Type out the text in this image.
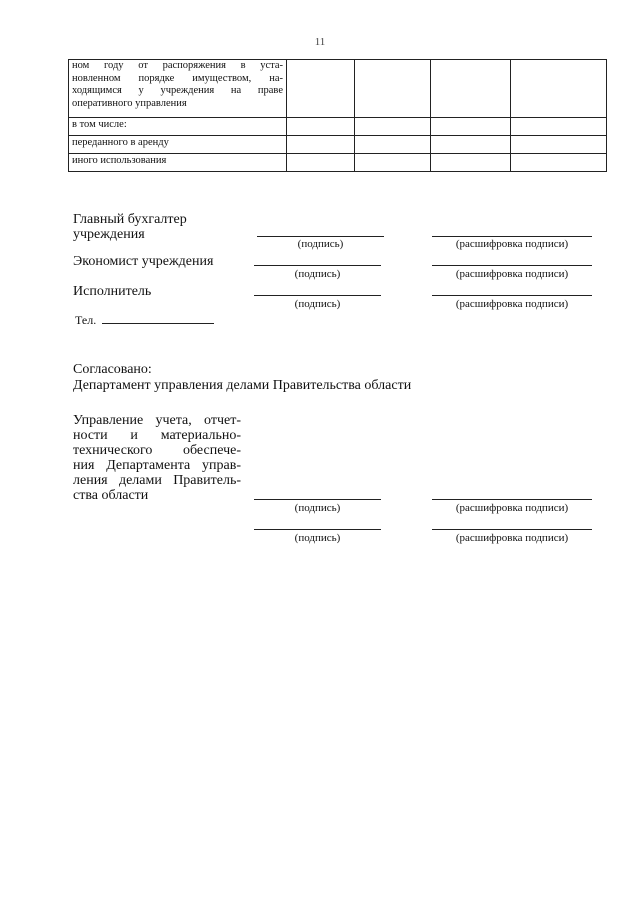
11
ном году от распоряжения в уста-
новленном порядке имуществом, на-
ходящимся у учреждения на праве
оперативного управления				

в том числе:				
переданного в аренду				
иного использования				
Главный бухгалтер
учреждения
(подпись)	(расшифровка подписи)
Экономист учреждения
(подпись)	(расшифровка подписи)
Исполнитель
(подпись)	(расшифровка подписи)
Тел.
Согласовано:
Департамент управления делами Правительства области
Управление учета, отчет-
ности и материально-
технического обеспече-
ния Департамента управ-
ления делами Правитель-
ства области
(подпись)	(расшифровка подписи)
(подпись)	(расшифровка подписи)
